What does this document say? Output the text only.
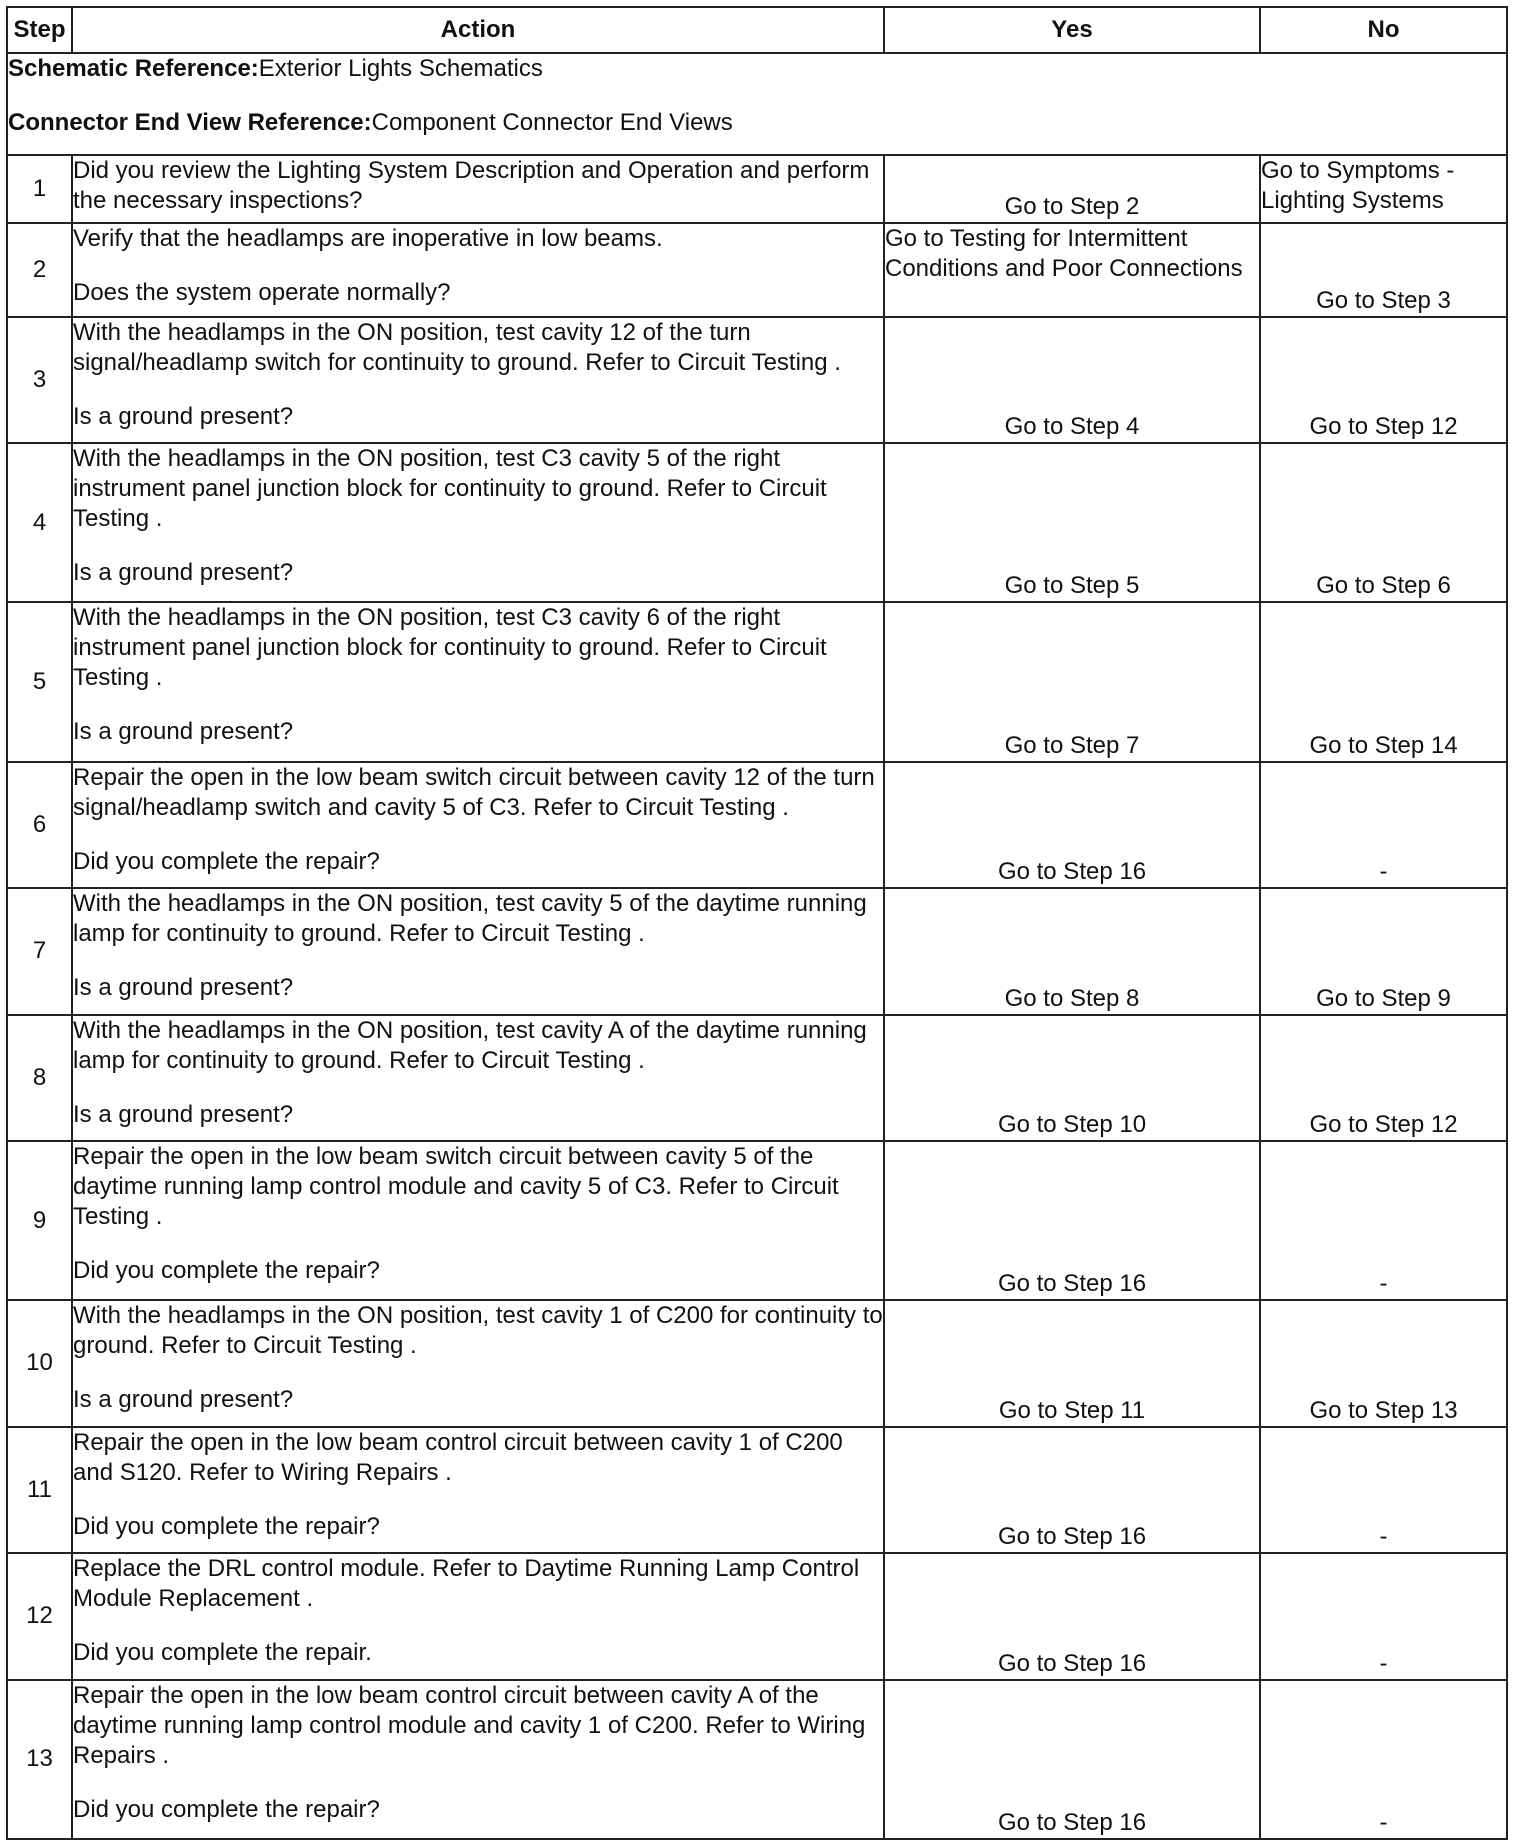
Step	Action	Yes	No

Schematic Reference:Exterior Lights Schematics
Connector End View Reference:Component Connector End Views			

1	Did you review the Lighting System Description and Operation and perform the necessary inspections?	Go to Step 2	Go to Symptoms - Lighting Systems
2	Verify that the headlamps are inoperative in low beams.
Does the system operate normally?	Go to Testing for Intermittent Conditions and Poor Connections	Go to Step 3
3	With the headlamps in the ON position, test cavity 12 of the turn signal/headlamp switch for continuity to ground. Refer to Circuit Testing .
Is a ground present?	Go to Step 4	Go to Step 12
4	With the headlamps in the ON position, test C3 cavity 5 of the right instrument panel junction block for continuity to ground. Refer to Circuit Testing .
Is a ground present?	Go to Step 5	Go to Step 6
5	With the headlamps in the ON position, test C3 cavity 6 of the right instrument panel junction block for continuity to ground. Refer to Circuit Testing .
Is a ground present?	Go to Step 7	Go to Step 14
6	Repair the open in the low beam switch circuit between cavity 12 of the turn signal/headlamp switch and cavity 5 of C3. Refer to Circuit Testing .
Did you complete the repair?	Go to Step 16	-
7	With the headlamps in the ON position, test cavity 5 of the daytime running lamp for continuity to ground. Refer to Circuit Testing .
Is a ground present?	Go to Step 8	Go to Step 9
8	With the headlamps in the ON position, test cavity A of the daytime running lamp for continuity to ground. Refer to Circuit Testing .
Is a ground present?	Go to Step 10	Go to Step 12
9	Repair the open in the low beam switch circuit between cavity 5 of the daytime running lamp control module and cavity 5 of C3. Refer to Circuit Testing .
Did you complete the repair?	Go to Step 16	-
10	With the headlamps in the ON position, test cavity 1 of C200 for continuity to ground. Refer to Circuit Testing .
Is a ground present?	Go to Step 11	Go to Step 13
11	Repair the open in the low beam control circuit between cavity 1 of C200 and S120. Refer to Wiring Repairs .
Did you complete the repair?	Go to Step 16	-
12	Replace the DRL control module. Refer to Daytime Running Lamp Control Module Replacement .
Did you complete the repair.	Go to Step 16	-
13	Repair the open in the low beam control circuit between cavity A of the daytime running lamp control module and cavity 1 of C200. Refer to Wiring Repairs .
Did you complete the repair?	Go to Step 16	-
